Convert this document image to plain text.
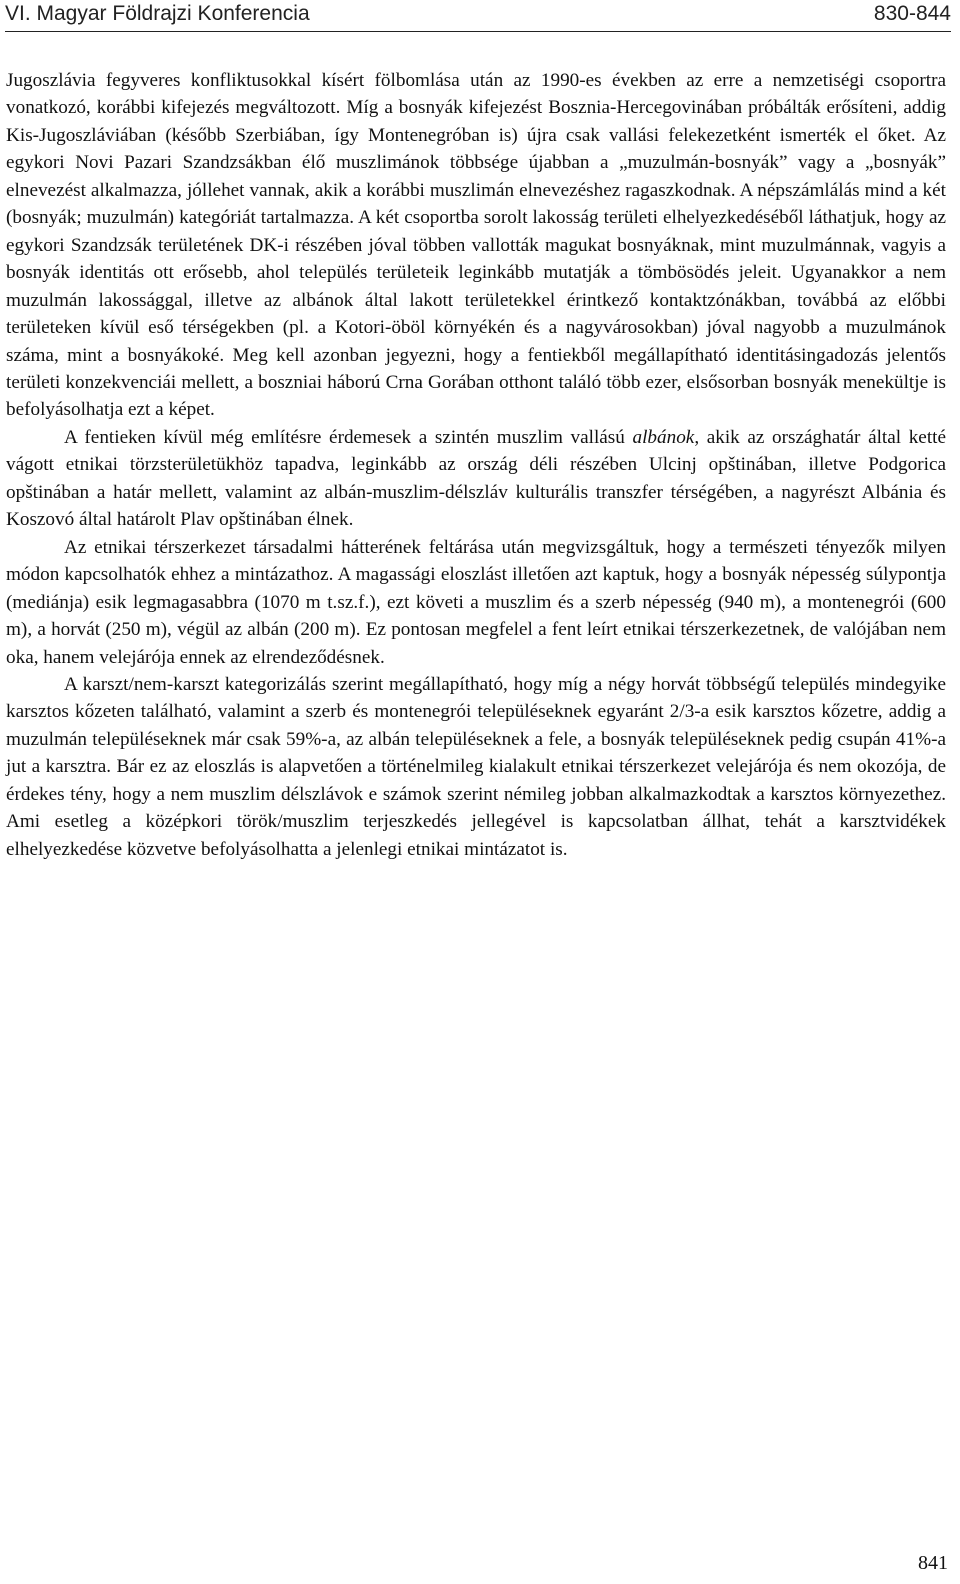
VI. Magyar Földrajzi Konferencia	830-844

Jugoszlávia fegyveres konfliktusokkal kísért fölbomlása után az 1990-es években az erre a nemzetiségi csoportra vonatkozó, korábbi kifejezés megváltozott. Míg a bosnyák kifejezést Bosznia-Hercegovinában próbálták erősíteni, addig Kis-Jugoszláviában (később Szerbiában, így Montenegróban is) újra csak vallási felekezetként ismerték el őket. Az egykori Novi Pazari Szandzsákban élő muszlimánok többsége újabban a „muzulmán-bosnyák” vagy a „bosnyák” elnevezést alkalmazza, jóllehet vannak, akik a korábbi muszlimán elnevezéshez ragaszkodnak. A népszámlálás mind a két (bosnyák; muzulmán) kategóriát tartalmazza. A két csoportba sorolt lakosság területi elhelyezkedéséből láthatjuk, hogy az egykori Szandzsák területének DK-i részében jóval többen vallották magukat bosnyáknak, mint muzulmánnak, vagyis a bosnyák identitás ott erősebb, ahol település területeik leginkább mutatják a tömbösödés jeleit. Ugyanakkor a nem muzulmán lakossággal, illetve az albánok által lakott területekkel érintkező kontaktzónákban, továbbá az előbbi területeken kívül eső térségekben (pl. a Kotori-öböl környékén és a nagyvárosokban) jóval nagyobb a muzulmánok száma, mint a bosnyákoké. Meg kell azonban jegyezni, hogy a fentiekből megállapítható identitásingadozás jelentős területi konzekvenciái mellett, a boszniai háború Crna Gorában otthont találó több ezer, elsősorban bosnyák menekültje is befolyásolhatja ezt a képet.

A fentieken kívül még említésre érdemesek a szintén muszlim vallású albánok, akik az országhatár által ketté vágott etnikai törzsterületükhöz tapadva, leginkább az ország déli részében Ulcinj opštinában, illetve Podgorica opštinában a határ mellett, valamint az albán-muszlim-délszláv kulturális transzfer térségében, a nagyrészt Albánia és Koszovó által határolt Plav opštinában élnek.

Az etnikai térszerkezet társadalmi hátterének feltárása után megvizsgáltuk, hogy a természeti tényezők milyen módon kapcsolhatók ehhez a mintázathoz. A magassági eloszlást illetően azt kaptuk, hogy a bosnyák népesség súlypontja (mediánja) esik legmagasabbra (1070 m t.sz.f.), ezt követi a muszlim és a szerb népesség (940 m), a montenegrói (600 m), a horvát (250 m), végül az albán (200 m). Ez pontosan megfelel a fent leírt etnikai térszerkezetnek, de valójában nem oka, hanem velejárója ennek az elrendeződésnek.

A karszt/nem-karszt kategorizálás szerint megállapítható, hogy míg a négy horvát többségű település mindegyike karsztos kőzeten található, valamint a szerb és montenegrói településeknek egyaránt 2/3-a esik karsztos kőzetre, addig a muzulmán településeknek már csak 59%-a, az albán településeknek a fele, a bosnyák településeknek pedig csupán 41%-a jut a karsztra. Bár ez az eloszlás is alapvetően a történelmileg kialakult etnikai térszerkezet velejárója és nem okozója, de érdekes tény, hogy a nem muszlim délszlávok e számok szerint némileg jobban alkalmazkodtak a karsztos környezethez. Ami esetleg a középkori török/muszlim terjeszkedés jellegével is kapcsolatban állhat, tehát a karsztvidékek elhelyezkedése közvetve befolyásolhatta a jelenlegi etnikai mintázatot is.

841
